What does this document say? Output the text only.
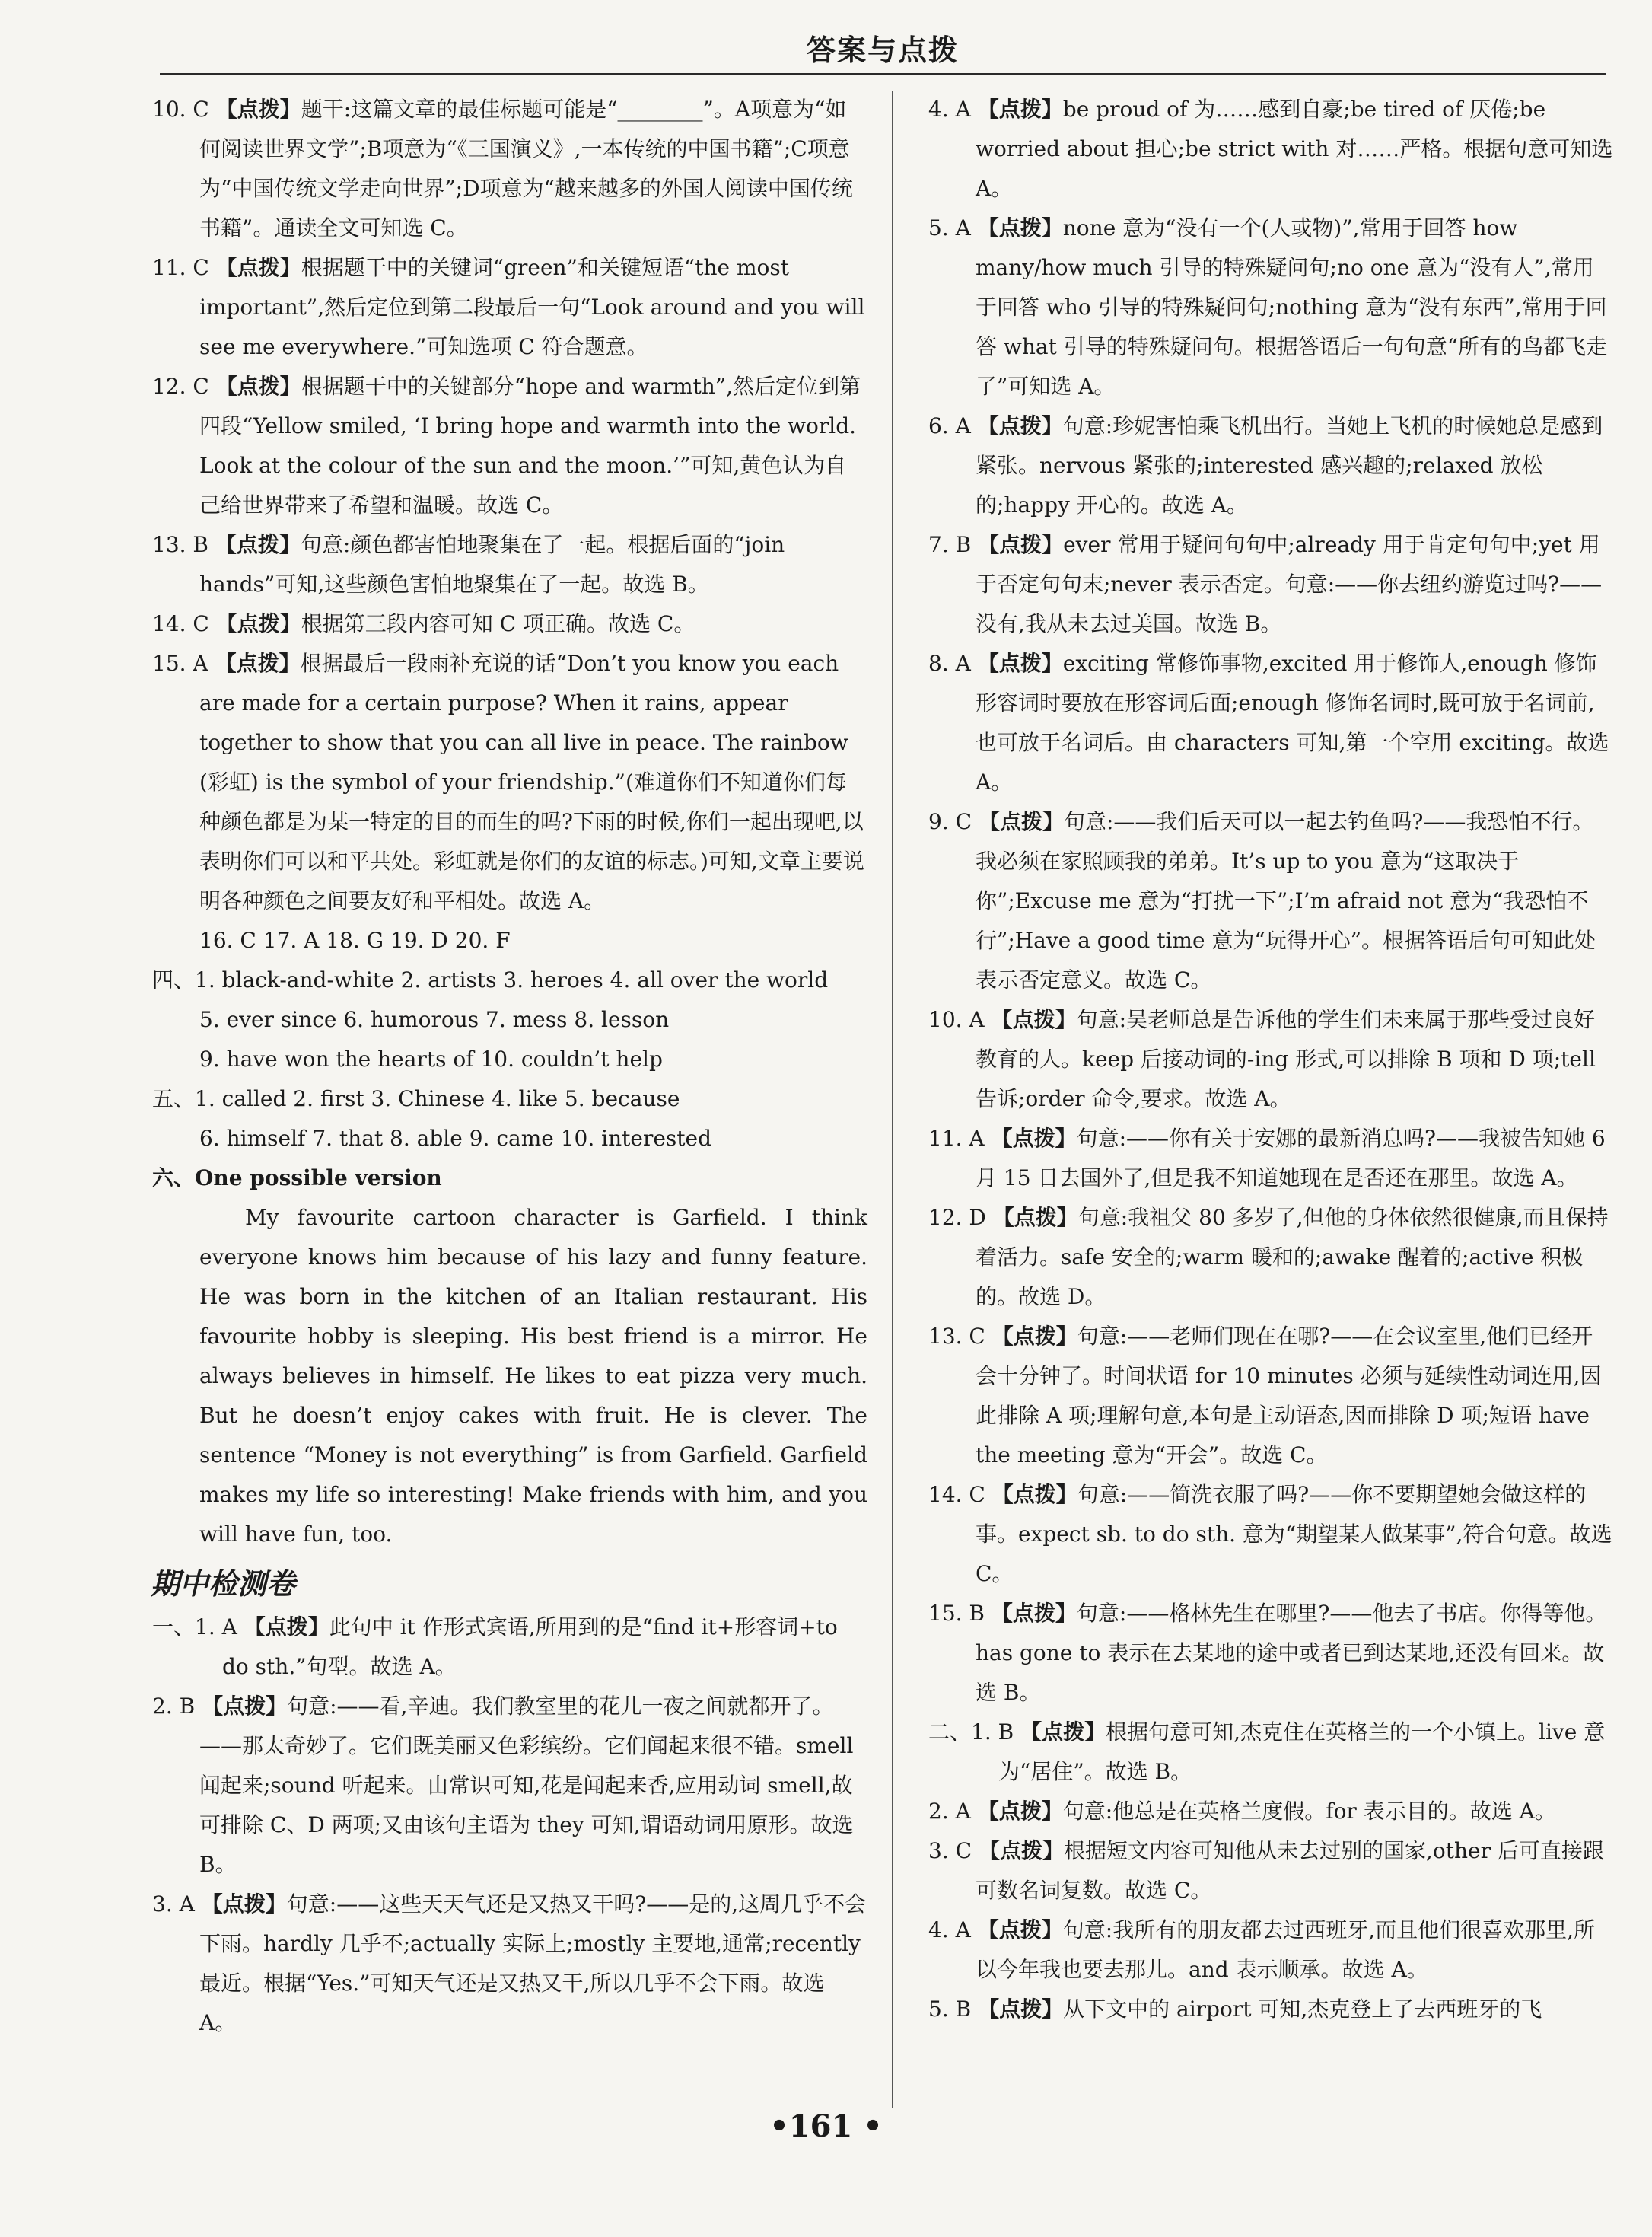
答案与点拨

10. C 【点拨】题干:这篇文章的最佳标题可能是“________”。A项意为“如何阅读世界文学”;B项意为“《三国演义》,一本传统的中国书籍”;C项意为“中国传统文学走向世界”;D项意为“越来越多的外国人阅读中国传统书籍”。通读全文可知选 C。

11. C 【点拨】根据题干中的关键词“green”和关键短语“the most important”,然后定位到第二段最后一句“Look around and you will see me everywhere.”可知选项 C 符合题意。

12. C 【点拨】根据题干中的关键部分“hope and warmth”,然后定位到第四段“Yellow smiled, ‘I bring hope and warmth into the world. Look at the colour of the sun and the moon.’”可知,黄色认为自己给世界带来了希望和温暖。故选 C。

13. B 【点拨】句意:颜色都害怕地聚集在了一起。根据后面的“join hands”可知,这些颜色害怕地聚集在了一起。故选 B。

14. C 【点拨】根据第三段内容可知 C 项正确。故选 C。

15. A 【点拨】根据最后一段雨补充说的话“Don’t you know you each are made for a certain purpose? When it rains, appear together to show that you can all live in peace. The rainbow (彩虹) is the symbol of your friendship.”(难道你们不知道你们每种颜色都是为某一特定的目的而生的吗?下雨的时候,你们一起出现吧,以表明你们可以和平共处。彩虹就是你们的友谊的标志。)可知,文章主要说明各种颜色之间要友好和平相处。故选 A。

16. C 17. A 18. G 19. D 20. F

四、1. black-and-white 2. artists 3. heroes 4. all over the world

5. ever since 6. humorous 7. mess 8. lesson

9. have won the hearts of 10. couldn’t help

五、1. called 2. first 3. Chinese 4. like 5. because

6. himself 7. that 8. able 9. came 10. interested

六、One possible version

My favourite cartoon character is Garfield. I think everyone knows him because of his lazy and funny feature. He was born in the kitchen of an Italian restaurant. His favourite hobby is sleeping. His best friend is a mirror. He always believes in himself. He likes to eat pizza very much. But he doesn’t enjoy cakes with fruit. He is clever. The sentence “Money is not everything” is from Garfield. Garfield makes my life so interesting! Make friends with him, and you will have fun, too.

期中检测卷

一、1. A 【点拨】此句中 it 作形式宾语,所用到的是“find it+形容词+to do sth.”句型。故选 A。

2. B 【点拨】句意:——看,辛迪。我们教室里的花儿一夜之间就都开了。——那太奇妙了。它们既美丽又色彩缤纷。它们闻起来很不错。smell 闻起来;sound 听起来。由常识可知,花是闻起来香,应用动词 smell,故可排除 C、D 两项;又由该句主语为 they 可知,谓语动词用原形。故选 B。

3. A 【点拨】句意:——这些天天气还是又热又干吗?——是的,这周几乎不会下雨。hardly 几乎不;actually 实际上;mostly 主要地,通常;recently 最近。根据“Yes.”可知天气还是又热又干,所以几乎不会下雨。故选 A。

4. A 【点拨】be proud of 为……感到自豪;be tired of 厌倦;be worried about 担心;be strict with 对……严格。根据句意可知选 A。

5. A 【点拨】none 意为“没有一个(人或物)”,常用于回答 how many/how much 引导的特殊疑问句;no one 意为“没有人”,常用于回答 who 引导的特殊疑问句;nothing 意为“没有东西”,常用于回答 what 引导的特殊疑问句。根据答语后一句句意“所有的鸟都飞走了”可知选 A。

6. A 【点拨】句意:珍妮害怕乘飞机出行。当她上飞机的时候她总是感到紧张。nervous 紧张的;interested 感兴趣的;relaxed 放松的;happy 开心的。故选 A。

7. B 【点拨】ever 常用于疑问句句中;already 用于肯定句句中;yet 用于否定句句末;never 表示否定。句意:——你去纽约游览过吗?——没有,我从未去过美国。故选 B。

8. A 【点拨】exciting 常修饰事物,excited 用于修饰人,enough 修饰形容词时要放在形容词后面;enough 修饰名词时,既可放于名词前,也可放于名词后。由 characters 可知,第一个空用 exciting。故选 A。

9. C 【点拨】句意:——我们后天可以一起去钓鱼吗?——我恐怕不行。我必须在家照顾我的弟弟。It’s up to you 意为“这取决于你”;Excuse me 意为“打扰一下”;I’m afraid not 意为“我恐怕不行”;Have a good time 意为“玩得开心”。根据答语后句可知此处表示否定意义。故选 C。

10. A 【点拨】句意:吴老师总是告诉他的学生们未来属于那些受过良好教育的人。keep 后接动词的-ing 形式,可以排除 B 项和 D 项;tell 告诉;order 命令,要求。故选 A。

11. A 【点拨】句意:——你有关于安娜的最新消息吗?——我被告知她 6 月 15 日去国外了,但是我不知道她现在是否还在那里。故选 A。

12. D 【点拨】句意:我祖父 80 多岁了,但他的身体依然很健康,而且保持着活力。safe 安全的;warm 暖和的;awake 醒着的;active 积极的。故选 D。

13. C 【点拨】句意:——老师们现在在哪?——在会议室里,他们已经开会十分钟了。时间状语 for 10 minutes 必须与延续性动词连用,因此排除 A 项;理解句意,本句是主动语态,因而排除 D 项;短语 have the meeting 意为“开会”。故选 C。

14. C 【点拨】句意:——简洗衣服了吗?——你不要期望她会做这样的事。expect sb. to do sth. 意为“期望某人做某事”,符合句意。故选 C。

15. B 【点拨】句意:——格林先生在哪里?——他去了书店。你得等他。has gone to 表示在去某地的途中或者已到达某地,还没有回来。故选 B。

二、1. B 【点拨】根据句意可知,杰克住在英格兰的一个小镇上。live 意为“居住”。故选 B。

2. A 【点拨】句意:他总是在英格兰度假。for 表示目的。故选 A。

3. C 【点拨】根据短文内容可知他从未去过别的国家,other 后可直接跟可数名词复数。故选 C。

4. A 【点拨】句意:我所有的朋友都去过西班牙,而且他们很喜欢那里,所以今年我也要去那儿。and 表示顺承。故选 A。

5. B 【点拨】从下文中的 airport 可知,杰克登上了去西班牙的飞

•161 •
